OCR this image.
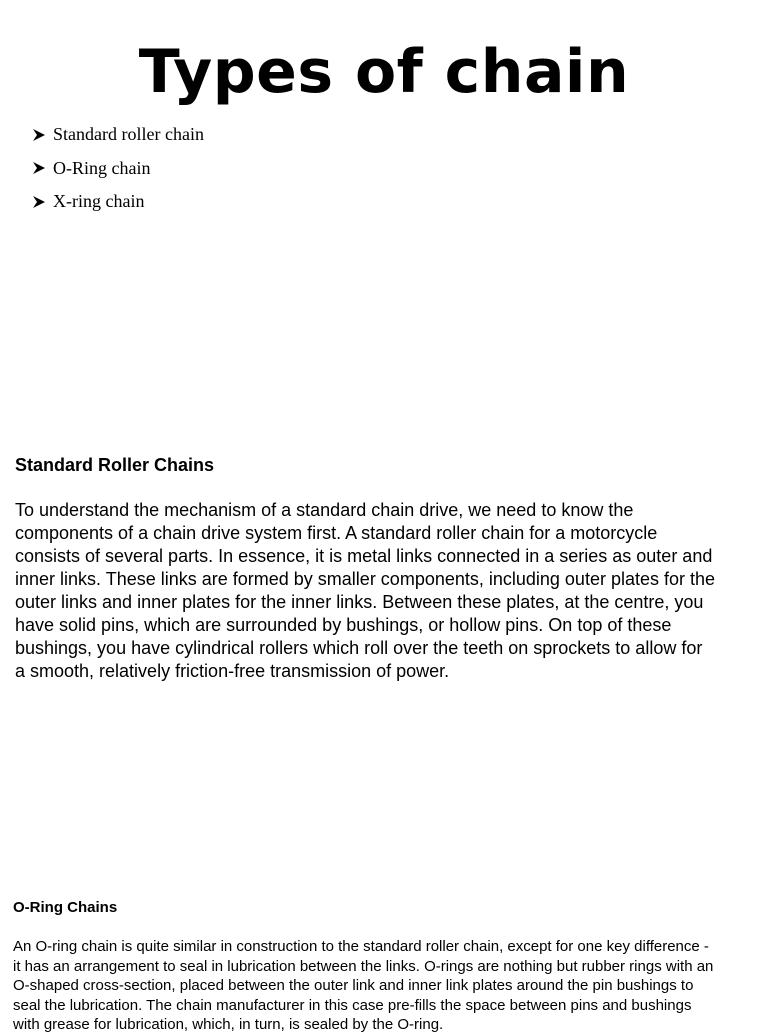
Types of chain
Standard roller chain
O-Ring chain
X-ring chain
Standard Roller Chains

To understand the mechanism of a standard chain drive, we need to know the components of a chain drive system first. A standard roller chain for a motorcycle consists of several parts. In essence, it is metal links connected in a series as outer and inner links. These links are formed by smaller components, including outer plates for the outer links and inner plates for the inner links. Between these plates, at the centre, you have solid pins, which are surrounded by bushings, or hollow pins. On top of these bushings, you have cylindrical rollers which roll over the teeth on sprockets to allow for a smooth, relatively friction-free transmission of power.

O-Ring Chains

An O-ring chain is quite similar in construction to the standard roller chain, except for one key difference - it has an arrangement to seal in lubrication between the links. O-rings are nothing but rubber rings with an O-shaped cross-section, placed between the outer link and inner link plates around the pin bushings to seal the lubrication. The chain manufacturer in this case pre-fills the space between pins and bushings with grease for lubrication, which, in turn, is sealed by the O-ring.
